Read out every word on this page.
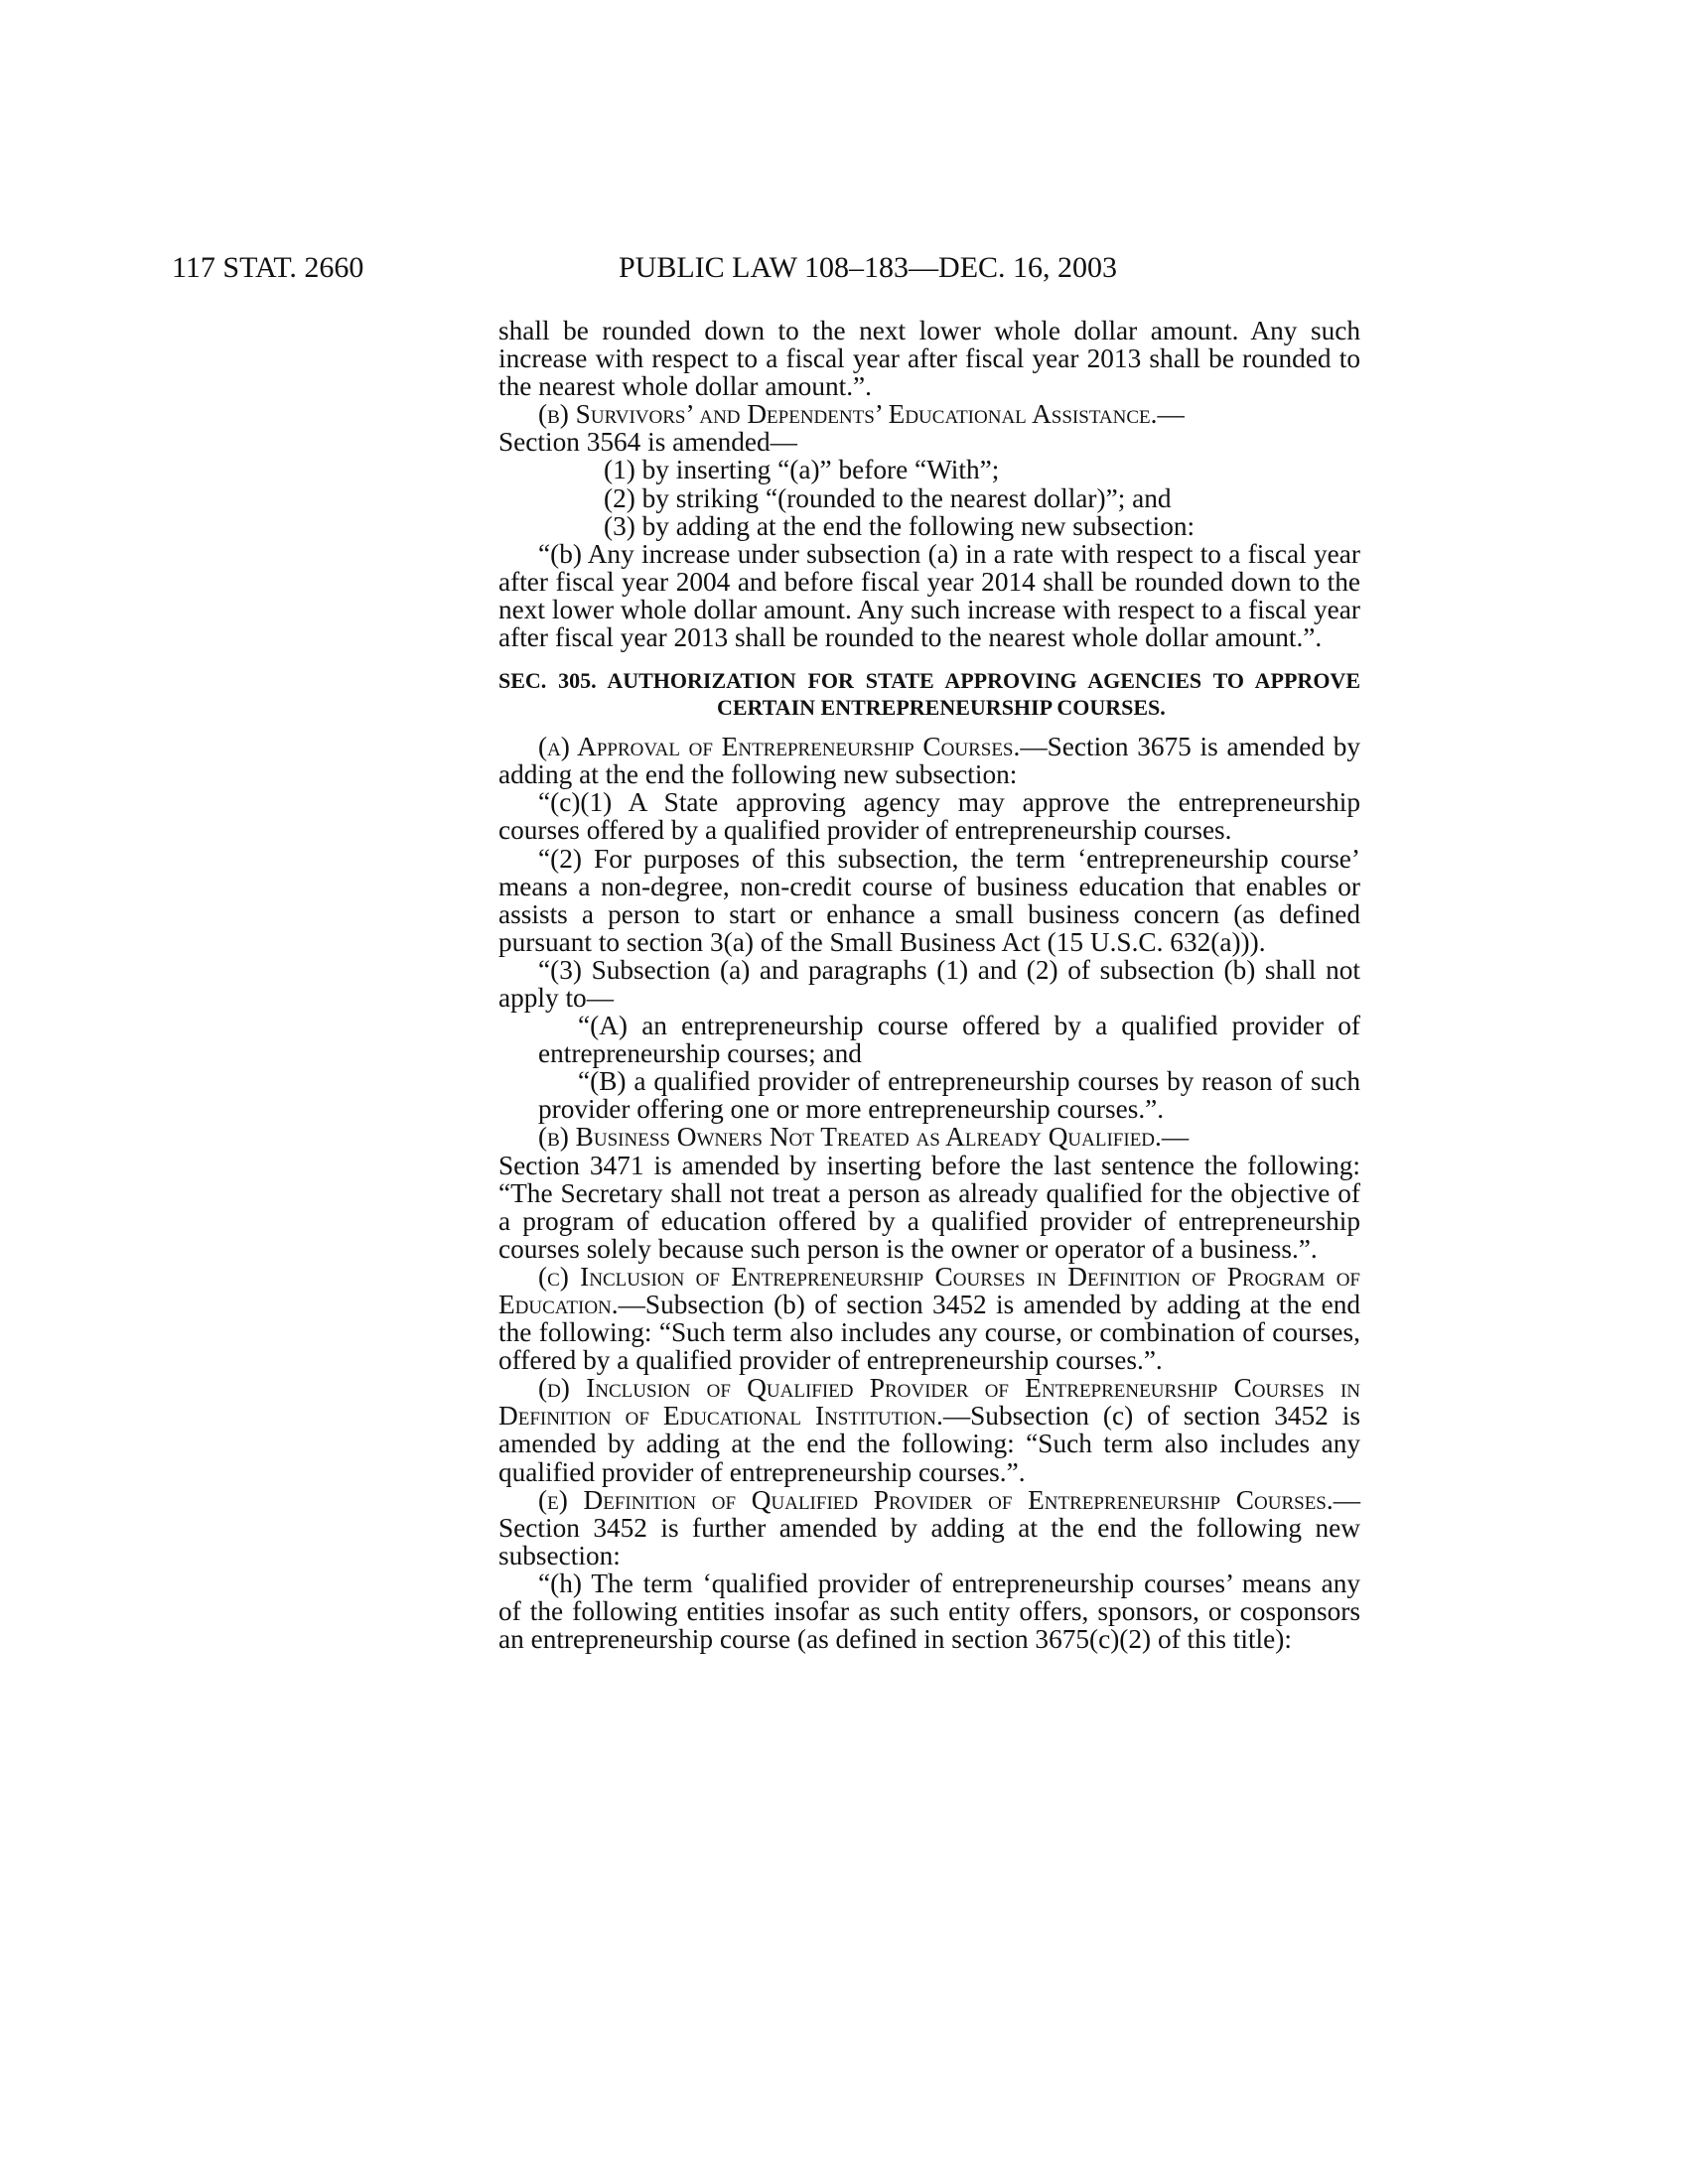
117 STAT. 2660	PUBLIC LAW 108–183—DEC. 16, 2003

shall be rounded down to the next lower whole dollar amount. Any such increase with respect to a fiscal year after fiscal year 2013 shall be rounded to the nearest whole dollar amount.”.

(b) Survivors’ and Dependents’ Educational Assistance.—
Section 3564 is amended—

(1) by inserting “(a)” before “With”;

(2) by striking “(rounded to the nearest dollar)”; and

(3) by adding at the end the following new subsection:

“(b) Any increase under subsection (a) in a rate with respect to a fiscal year after fiscal year 2004 and before fiscal year 2014 shall be rounded down to the next lower whole dollar amount. Any such increase with respect to a fiscal year after fiscal year 2013 shall be rounded to the nearest whole dollar amount.”.

SEC. 305. AUTHORIZATION FOR STATE APPROVING AGENCIES TO APPROVE CERTAIN ENTREPRENEURSHIP COURSES.

(a) Approval of Entrepreneurship Courses.—Section 3675 is amended by adding at the end the following new subsection:

“(c)(1) A State approving agency may approve the entrepreneurship courses offered by a qualified provider of entrepreneurship courses.

“(2) For purposes of this subsection, the term ‘entrepreneurship course’ means a non-degree, non-credit course of business education that enables or assists a person to start or enhance a small business concern (as defined pursuant to section 3(a) of the Small Business Act (15 U.S.C. 632(a))).

“(3) Subsection (a) and paragraphs (1) and (2) of subsection (b) shall not apply to—

“(A) an entrepreneurship course offered by a qualified provider of entrepreneurship courses; and

“(B) a qualified provider of entrepreneurship courses by reason of such provider offering one or more entrepreneurship courses.”.

(b) Business Owners Not Treated as Already Qualified.—
Section 3471 is amended by inserting before the last sentence the following: “The Secretary shall not treat a person as already qualified for the objective of a program of education offered by a qualified provider of entrepreneurship courses solely because such person is the owner or operator of a business.”.

(c) Inclusion of Entrepreneurship Courses in Definition of Program of Education.—Subsection (b) of section 3452 is amended by adding at the end the following: “Such term also includes any course, or combination of courses, offered by a qualified provider of entrepreneurship courses.”.

(d) Inclusion of Qualified Provider of Entrepreneurship Courses in Definition of Educational Institution.—Subsection (c) of section 3452 is amended by adding at the end the following: “Such term also includes any qualified provider of entrepreneurship courses.”.

(e) Definition of Qualified Provider of Entrepreneurship Courses.—Section 3452 is further amended by adding at the end the following new subsection:

“(h) The term ‘qualified provider of entrepreneurship courses’ means any of the following entities insofar as such entity offers, sponsors, or cosponsors an entrepreneurship course (as defined in section 3675(c)(2) of this title):
